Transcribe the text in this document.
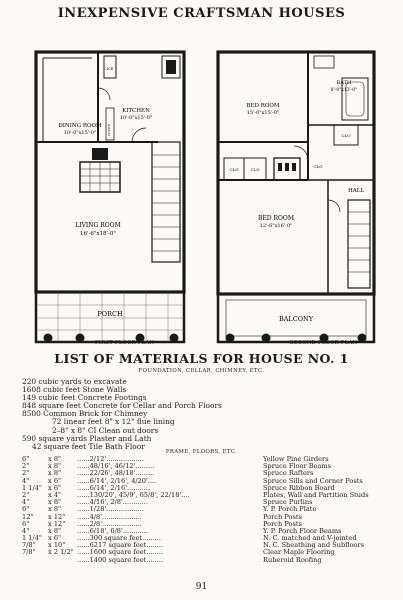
INEXPENSIVE CRAFTSMAN HOUSES
DINING ROOM
10'-0"x15'-0"
KITCHEN
10'-0"x15'-0"
LIVING ROOM
16'-6"x18'-0"
PORCH
ICE
CUPB'D
BED ROOM
15'-0"x15'-0"
BATH
8'-0"x13'-0"
BED ROOM
12'-6"x16'-0"
BALCONY
CLO	CLO
CLO
CLO
HALL
FIRST FLOOR PLAN	SECOND FLOOR PLAN
LIST OF MATERIALS FOR HOUSE NO. 1
FOUNDATION, CELLAR, CHIMNEY, ETC.
220 cubic yards to excavate
1608 cubic feet Stone Walls
149 cubic feet Concrete Footings
848 square feet Concrete for Cellar and Porch Floors
8500 Common Brick for Chimney
72 linear feet 8" x 12" flue lining
2–8" x 8" CI Clean out doors
590 square yards Plaster and Lath
42 square feet Tile Bath Floor
FRAME, FLOORS, ETC.
6"	x 8" ......2/12'..................	Yellow Pine Girders
2"	x 8" ......48/16', 46/12'.........	Spruce Floor Beams
2"	x 8" ......22/26', 48/18'.........	Spruce Rafters
4"	x 6" ......6/14', 2/16', 4/20'....	Spruce Sills and Corner Posts
1 1/4" x 6" ......6/14', 2/16'...........	Spruce Ribbon Board
2"	x 4" ......130/20', 45/9', 65/8', 22/18'....	Plates, Wall and Partition Studs
4"	x 8" ......4/16', 2/8'............	Spruce Purlins
6"	x 8" ......1/28'..................	Y. P. Porch Plate
12" x 12" ......4/8'...................	Porch Posts
6"	x 12" ......2/8'...................	Porch Posts
4"	x 8" ......6/18', 6/8'............	Y. P. Porch Floor Beams
1 1/4" x 6" ......300 square feet.........	N. C. matched and V-jointed
7/8" x 10" ......6217 square feet........	N. C. Sheathing and Subfloors
7/8" x 2 1/2" ......1600 square feet........	Clear Maple Flooring
......1400 square feet........	Ruberoid Roofing
91
